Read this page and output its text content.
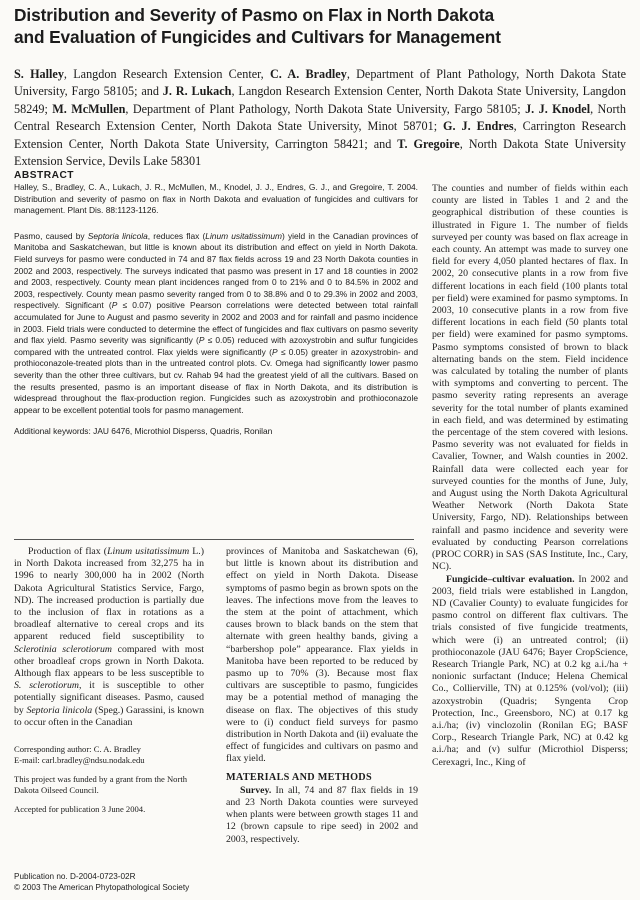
Distribution and Severity of Pasmo on Flax in North Dakota
and Evaluation of Fungicides and Cultivars for Management

S. Halley, Langdon Research Extension Center, C. A. Bradley, Department of Plant Pathology, North Dakota State University, Fargo 58105; and J. R. Lukach, Langdon Research Extension Center, North Dakota State University, Langdon 58249; M. McMullen, Department of Plant Pathology, North Dakota State University, Fargo 58105; J. J. Knodel, North Central Research Extension Center, North Dakota State University, Minot 58701; G. J. Endres, Carrington Research Extension Center, North Dakota State University, Carrington 58421; and T. Gregoire, North Dakota State University Extension Service, Devils Lake 58301

ABSTRACT

Halley, S., Bradley, C. A., Lukach, J. R., McMullen, M., Knodel, J. J., Endres, G. J., and Gregoire, T. 2004. Distribution and severity of pasmo on flax in North Dakota and evaluation of fungicides and cultivars for management. Plant Dis. 88:1123-1126.

Pasmo, caused by Septoria linicola, reduces flax (Linum usitatissimum) yield in the Canadian provinces of Manitoba and Saskatchewan, but little is known about its distribution and effect on yield in North Dakota. Field surveys for pasmo were conducted in 74 and 87 flax fields across 19 and 23 North Dakota counties in 2002 and 2003, respectively. The surveys indicated that pasmo was present in 17 and 18 counties in 2002 and 2003, respectively. County mean plant incidences ranged from 0 to 21% and 0 to 84.5% in 2002 and 2003, respectively. County mean pasmo severity ranged from 0 to 38.8% and 0 to 29.3% in 2002 and 2003, respectively. Significant (P ≤ 0.07) positive Pearson correlations were detected between total rainfall accumulated for June to August and pasmo severity in 2002 and 2003 and for rainfall and pasmo incidence in 2003. Field trials were conducted to determine the effect of fungicides and flax cultivars on pasmo severity and flax yield. Pasmo severity was significantly (P ≤ 0.05) reduced with azoxystrobin and sulfur fungicides compared with the untreated control. Flax yields were significantly (P ≤ 0.05) greater in azoxystrobin- and prothioconazole-treated plots than in the untreated control plots. Cv. Omega had significantly lower pasmo severity than the other three cultivars, but cv. Rahab 94 had the greatest yield of all the cultivars. Based on the results presented, pasmo is an important disease of flax in North Dakota, and its distribution is widespread throughout the flax-production region. Fungicides such as azoxystrobin and prothioconazole appear to be excellent potential tools for pasmo management.

Additional keywords: JAU 6476, Microthiol Disperss, Quadris, Ronilan

Production of flax (Linum usitatissimum L.) in North Dakota increased from 32,275 ha in 1996 to nearly 300,000 ha in 2002 (North Dakota Agricultural Statistics Service, Fargo, ND). The increased production is partially due to the inclusion of flax in rotations as a broadleaf alternative to cereal crops and its apparent reduced field susceptibility to Sclerotinia sclerotiorum compared with most other broadleaf crops grown in North Dakota. Although flax appears to be less susceptible to S. sclerotiorum, it is susceptible to other potentially significant diseases. Pasmo, caused by Septoria linicola (Speg.) Garassini, is known to occur often in the Canadian

Corresponding author: C. A. Bradley

E-mail: carl.bradley@ndsu.nodak.edu

This project was funded by a grant from the North Dakota Oilseed Council.

Accepted for publication 3 June 2004.

Publication no. D-2004-0723-02R
© 2003 The American Phytopathological Society

provinces of Manitoba and Saskatchewan (6), but little is known about its distribution and effect on yield in North Dakota. Disease symptoms of pasmo begin as brown spots on the leaves. The infections move from the leaves to the stem at the point of attachment, which causes brown to black bands on the stem that alternate with green healthy bands, giving a “barbershop pole” appearance. Flax yields in Manitoba have been reported to be reduced by pasmo up to 70% (3). Because most flax cultivars are susceptible to pasmo, fungicides may be a potential method of managing the disease on flax. The objectives of this study were to (i) conduct field surveys for pasmo distribution in North Dakota and (ii) evaluate the effect of fungicides and cultivars on pasmo and flax yield.

MATERIALS AND METHODS

Survey. In all, 74 and 87 flax fields in 19 and 23 North Dakota counties were surveyed when plants were between growth stages 11 and 12 (brown capsule to ripe seed) in 2002 and 2003, respectively.

The counties and number of fields within each county are listed in Tables 1 and 2 and the geographical distribution of these counties is illustrated in Figure 1. The number of fields surveyed per county was based on flax acreage in each county. An attempt was made to survey one field for every 4,050 planted hectares of flax. In 2002, 20 consecutive plants in a row from five different locations in each field (100 plants total per field) were examined for pasmo symptoms. In 2003, 10 consecutive plants in a row from five different locations in each field (50 plants total per field) were examined for pasmo symptoms. Pasmo symptoms consisted of brown to black alternating bands on the stem. Field incidence was calculated by totaling the number of plants with symptoms and converting to percent. The pasmo severity rating represents an average severity for the total number of plants examined in each field, and was determined by estimating the percentage of the stem covered with lesions. Pasmo severity was not evaluated for fields in Cavalier, Towner, and Walsh counties in 2002. Rainfall data were collected each year for surveyed counties for the months of June, July, and August using the North Dakota Agricultural Weather Network (North Dakota State University, Fargo, ND). Relationships between rainfall and pasmo incidence and severity were evaluated by conducting Pearson correlations (PROC CORR) in SAS (SAS Institute, Inc., Cary, NC).

Fungicide–cultivar evaluation. In 2002 and 2003, field trials were established in Langdon, ND (Cavalier County) to evaluate fungicides for pasmo control on different flax cultivars. The trials consisted of five fungicide treatments, which were (i) an untreated control; (ii) prothioconazole (JAU 6476; Bayer CropScience, Research Triangle Park, NC) at 0.2 kg a.i./ha + nonionic surfactant (Induce; Helena Chemical Co., Collierville, TN) at 0.125% (vol/vol); (iii) azoxystrobin (Quadris; Syngenta Crop Protection, Inc., Greensboro, NC) at 0.17 kg a.i./ha; (iv) vinclozolin (Ronilan EG; BASF Corp., Research Triangle Park, NC) at 0.42 kg a.i./ha; and (v) sulfur (Microthiol Disperss; Cerexagri, Inc., King of
